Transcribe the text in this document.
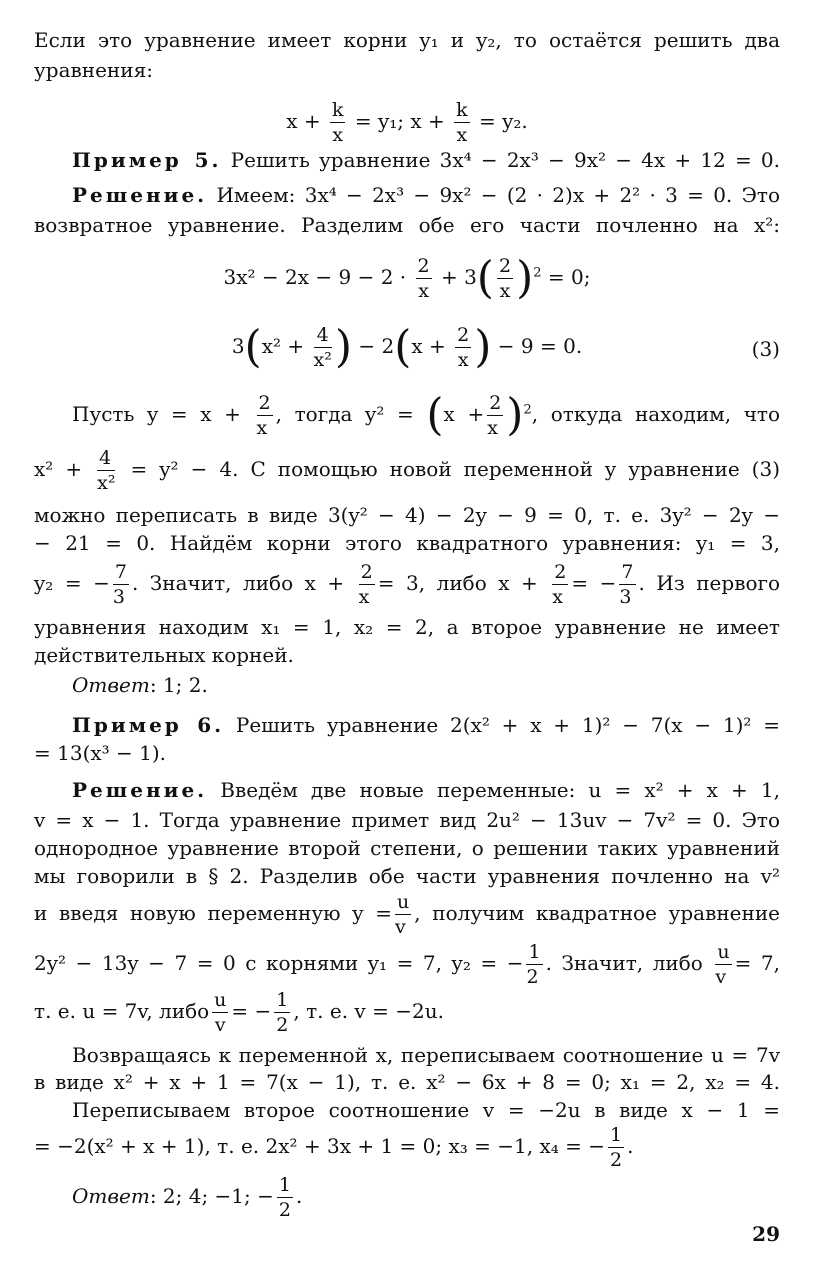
Если это уравнение имеет корни y₁ и y₂, то остаётся решить два
уравнения:
$x + \frac{k}{x} = y_1$; $x + \frac{k}{x} = y_2$.
Пример 5. Решить уравнение 3x⁴ − 2x³ − 9x² − 4x + 12 = 0.
Решение. Имеем: 3x⁴ − 2x³ − 9x² − (2 · 2)x + 2² · 3 = 0. Это
возвратное уравнение. Разделим обе его части почленно на x²:
$3x^2 - 2x - 9 - 2 \cdot \frac{2}{x} + 3( \frac{2}{x} )^2 = 0$;
$3(x^2 + \frac{4}{\text{x²}}$ ) − $2(x + \frac{2}{x}$ ) − 9 = 0.	(3)
Пусть $y = x + \frac{2}{x}$ , тогда $y^2 = (x + \frac{2}{x} )^2$, откуда находим, что
$x^2 + \frac{4}{\text{x²}} = y^2 - 4$. С помощью новой переменной y уравнение (3)
можно переписать в виде 3(y² − 4) − 2y − 9 = 0, т. е. 3y² − 2y −
− 21 = 0. Найдём корни этого квадратного уравнения: y₁ = 3,
y₂ = − $\frac{7}{3}$ . Значит, либо $x + \frac{2}{x} = 3$, либо $x + \frac{2}{x}$ = − $\frac{7}{3}$ . Из первого
уравнения находим x₁ = 1, x₂ = 2, а второе уравнение не имеет
действительных корней.
Ответ: 1; 2.
Пример 6. Решить уравнение 2(x² + x + 1)² − 7(x − 1)² =
= 13(x³ − 1).
Решение. Введём две новые переменные: u = x² + x + 1,
v = x − 1. Тогда уравнение примет вид 2u² − 13uv − 7v² = 0. Это
однородное уравнение второй степени, о решении таких уравнений
мы говорили в § 2. Разделив обе части уравнения почленно на v²
и введя новую переменную $y = \frac{u}{v}$ , получим квадратное уравнение
2y² − 13y − 7 = 0 с корнями y₁ = 7, y₂ = − $\frac{1}{2}$ . Значит, либо $\frac{u}{v} = 7$,
т. е. u = 7v, либо $\frac{u}{v}$ = − $\frac{1}{2}$ , т. е. v = −2u.
Возвращаясь к переменной x, переписываем соотношение u = 7v
в виде x² + x + 1 = 7(x − 1), т. е. x² − 6x + 8 = 0; x₁ = 2, x₂ = 4.
Переписываем второе соотношение v = −2u в виде x − 1 =
= −2(x² + x + 1), т. е. 2x² + 3x + 1 = 0; x₃ = −1, x₄ = − $\frac{1}{2}$ .
Ответ: 2; 4; −1; − $\frac{1}{2}$ .
29
